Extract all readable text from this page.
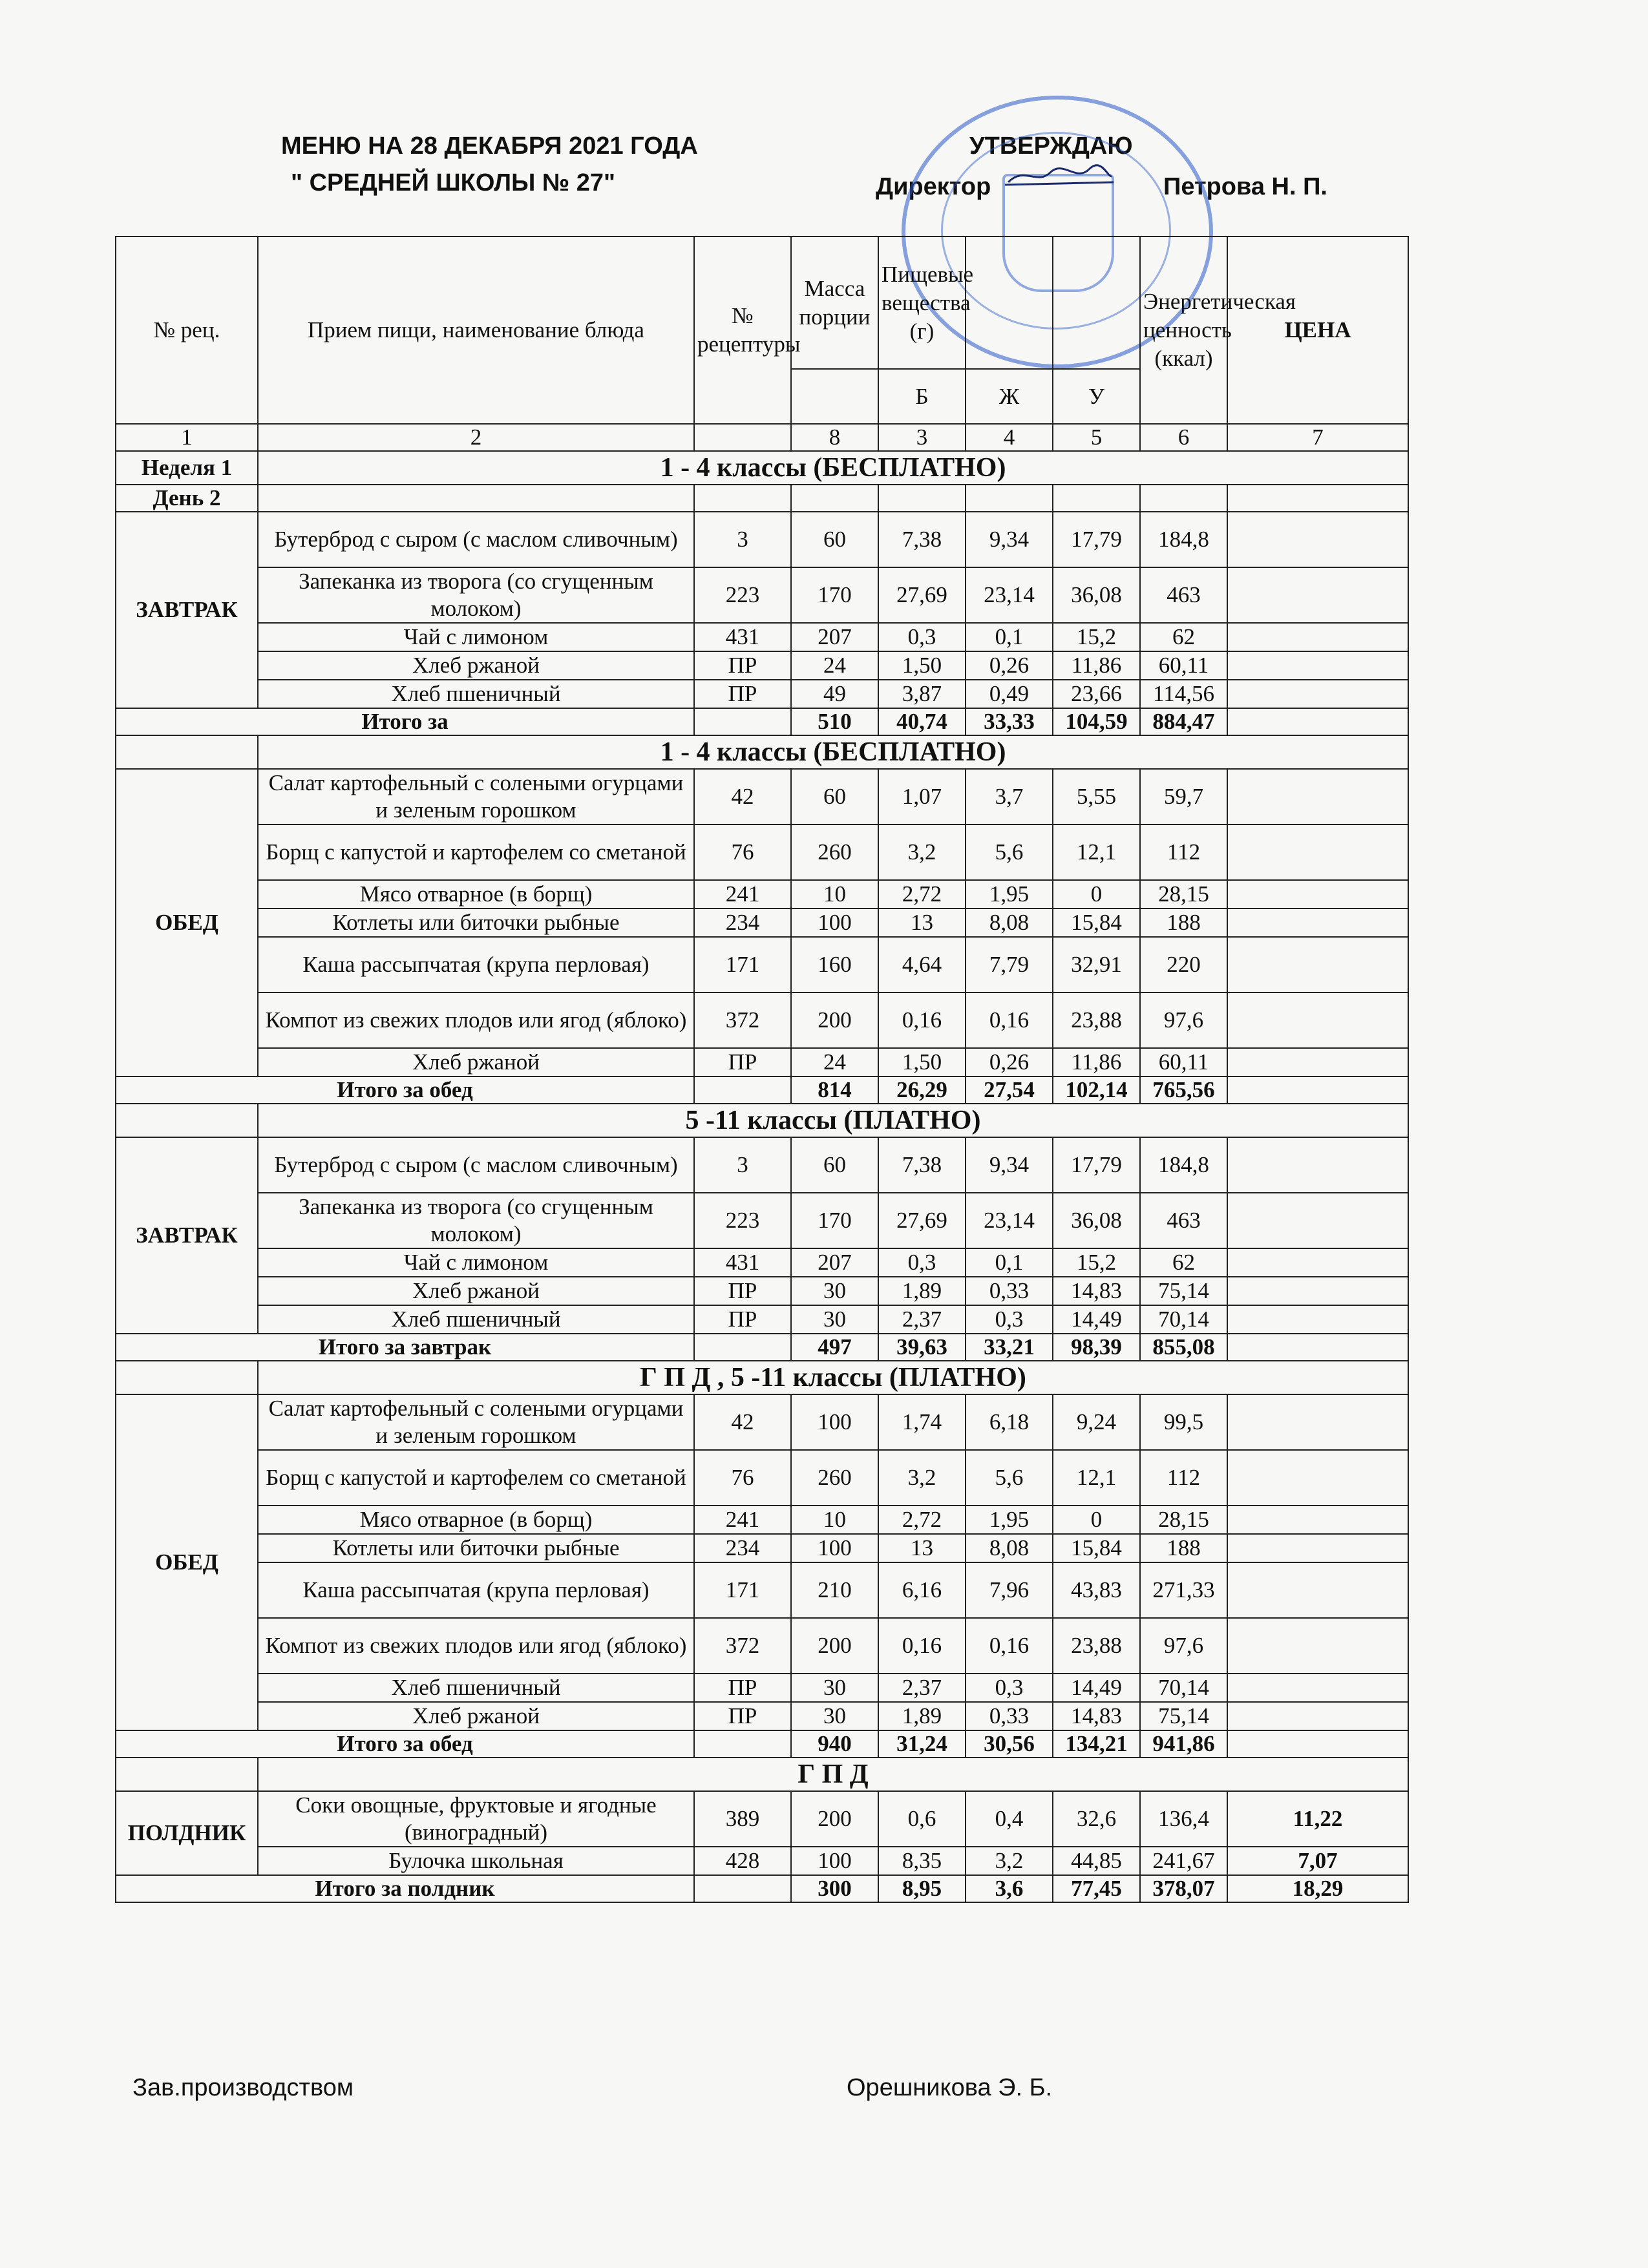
МЕНЮ НА 28 ДЕКАБРЯ 2021 ГОДА
" СРЕДНЕЙ ШКОЛЫ № 27"
УТВЕРЖДАЮ
Директор	Петрова Н. П.
№ рец.	Прием пищи, наименование блюда	№ рецептуры	Масса порции	Пищевые вещества (г)			Энергетическая ценность (ккал)	ЦЕНА
				Б	Ж	У		
1	2		8	3	4	5	6	7
Неделя 1	1 - 4 классы (БЕСПЛАТНО)							
День 2								
ЗАВТРАК	Бутерброд с сыром (с маслом сливочным)	3	60	7,38	9,34	17,79	184,8	
	Запеканка из творога (со сгущенным молоком)	223	170	27,69	23,14	36,08	463	
	Чай с лимоном	431	207	0,3	0,1	15,2	62	
	Хлеб ржаной	ПР	24	1,50	0,26	11,86	60,11	
	Хлеб пшеничный	ПР	49	3,87	0,49	23,66	114,56	
Итого за			510	40,74	33,33	104,59	884,47	
	1 - 4 классы (БЕСПЛАТНО)							
ОБЕД	Салат картофельный с солеными огурцами и зеленым горошком	42	60	1,07	3,7	5,55	59,7	
	Борщ с капустой и картофелем со сметаной	76	260	3,2	5,6	12,1	112	
	Мясо отварное (в борщ)	241	10	2,72	1,95	0	28,15	
	Котлеты или биточки рыбные	234	100	13	8,08	15,84	188	
	Каша рассыпчатая (крупа перловая)	171	160	4,64	7,79	32,91	220	
	Компот из свежих плодов или ягод (яблоко)	372	200	0,16	0,16	23,88	97,6	
	Хлеб ржаной	ПР	24	1,50	0,26	11,86	60,11	
Итого за обед			814	26,29	27,54	102,14	765,56	
	5 -11 классы (ПЛАТНО)							
ЗАВТРАК	Бутерброд с сыром (с маслом сливочным)	3	60	7,38	9,34	17,79	184,8	
	Запеканка из творога (со сгущенным молоком)	223	170	27,69	23,14	36,08	463	
	Чай с лимоном	431	207	0,3	0,1	15,2	62	
	Хлеб ржаной	ПР	30	1,89	0,33	14,83	75,14	
	Хлеб пшеничный	ПР	30	2,37	0,3	14,49	70,14	
Итого за завтрак			497	39,63	33,21	98,39	855,08	
	Г П Д , 5 -11 классы (ПЛАТНО)							
ОБЕД	Салат картофельный с солеными огурцами и зеленым горошком	42	100	1,74	6,18	9,24	99,5	
	Борщ с капустой и картофелем со сметаной	76	260	3,2	5,6	12,1	112	
	Мясо отварное (в борщ)	241	10	2,72	1,95	0	28,15	
	Котлеты или биточки рыбные	234	100	13	8,08	15,84	188	
	Каша рассыпчатая (крупа перловая)	171	210	6,16	7,96	43,83	271,33	
	Компот из свежих плодов или ягод (яблоко)	372	200	0,16	0,16	23,88	97,6	
	Хлеб пшеничный	ПР	30	2,37	0,3	14,49	70,14	
	Хлеб ржаной	ПР	30	1,89	0,33	14,83	75,14	
Итого за обед			940	31,24	30,56	134,21	941,86	
	Г П Д							
ПОЛДНИК	Соки овощные, фруктовые и ягодные (виноградный)	389	200	0,6	0,4	32,6	136,4	11,22
	Булочка школьная	428	100	8,35	3,2	44,85	241,67	7,07
Итого за полдник			300	8,95	3,6	77,45	378,07	18,29
Зав.производством	Орешникова Э. Б.
